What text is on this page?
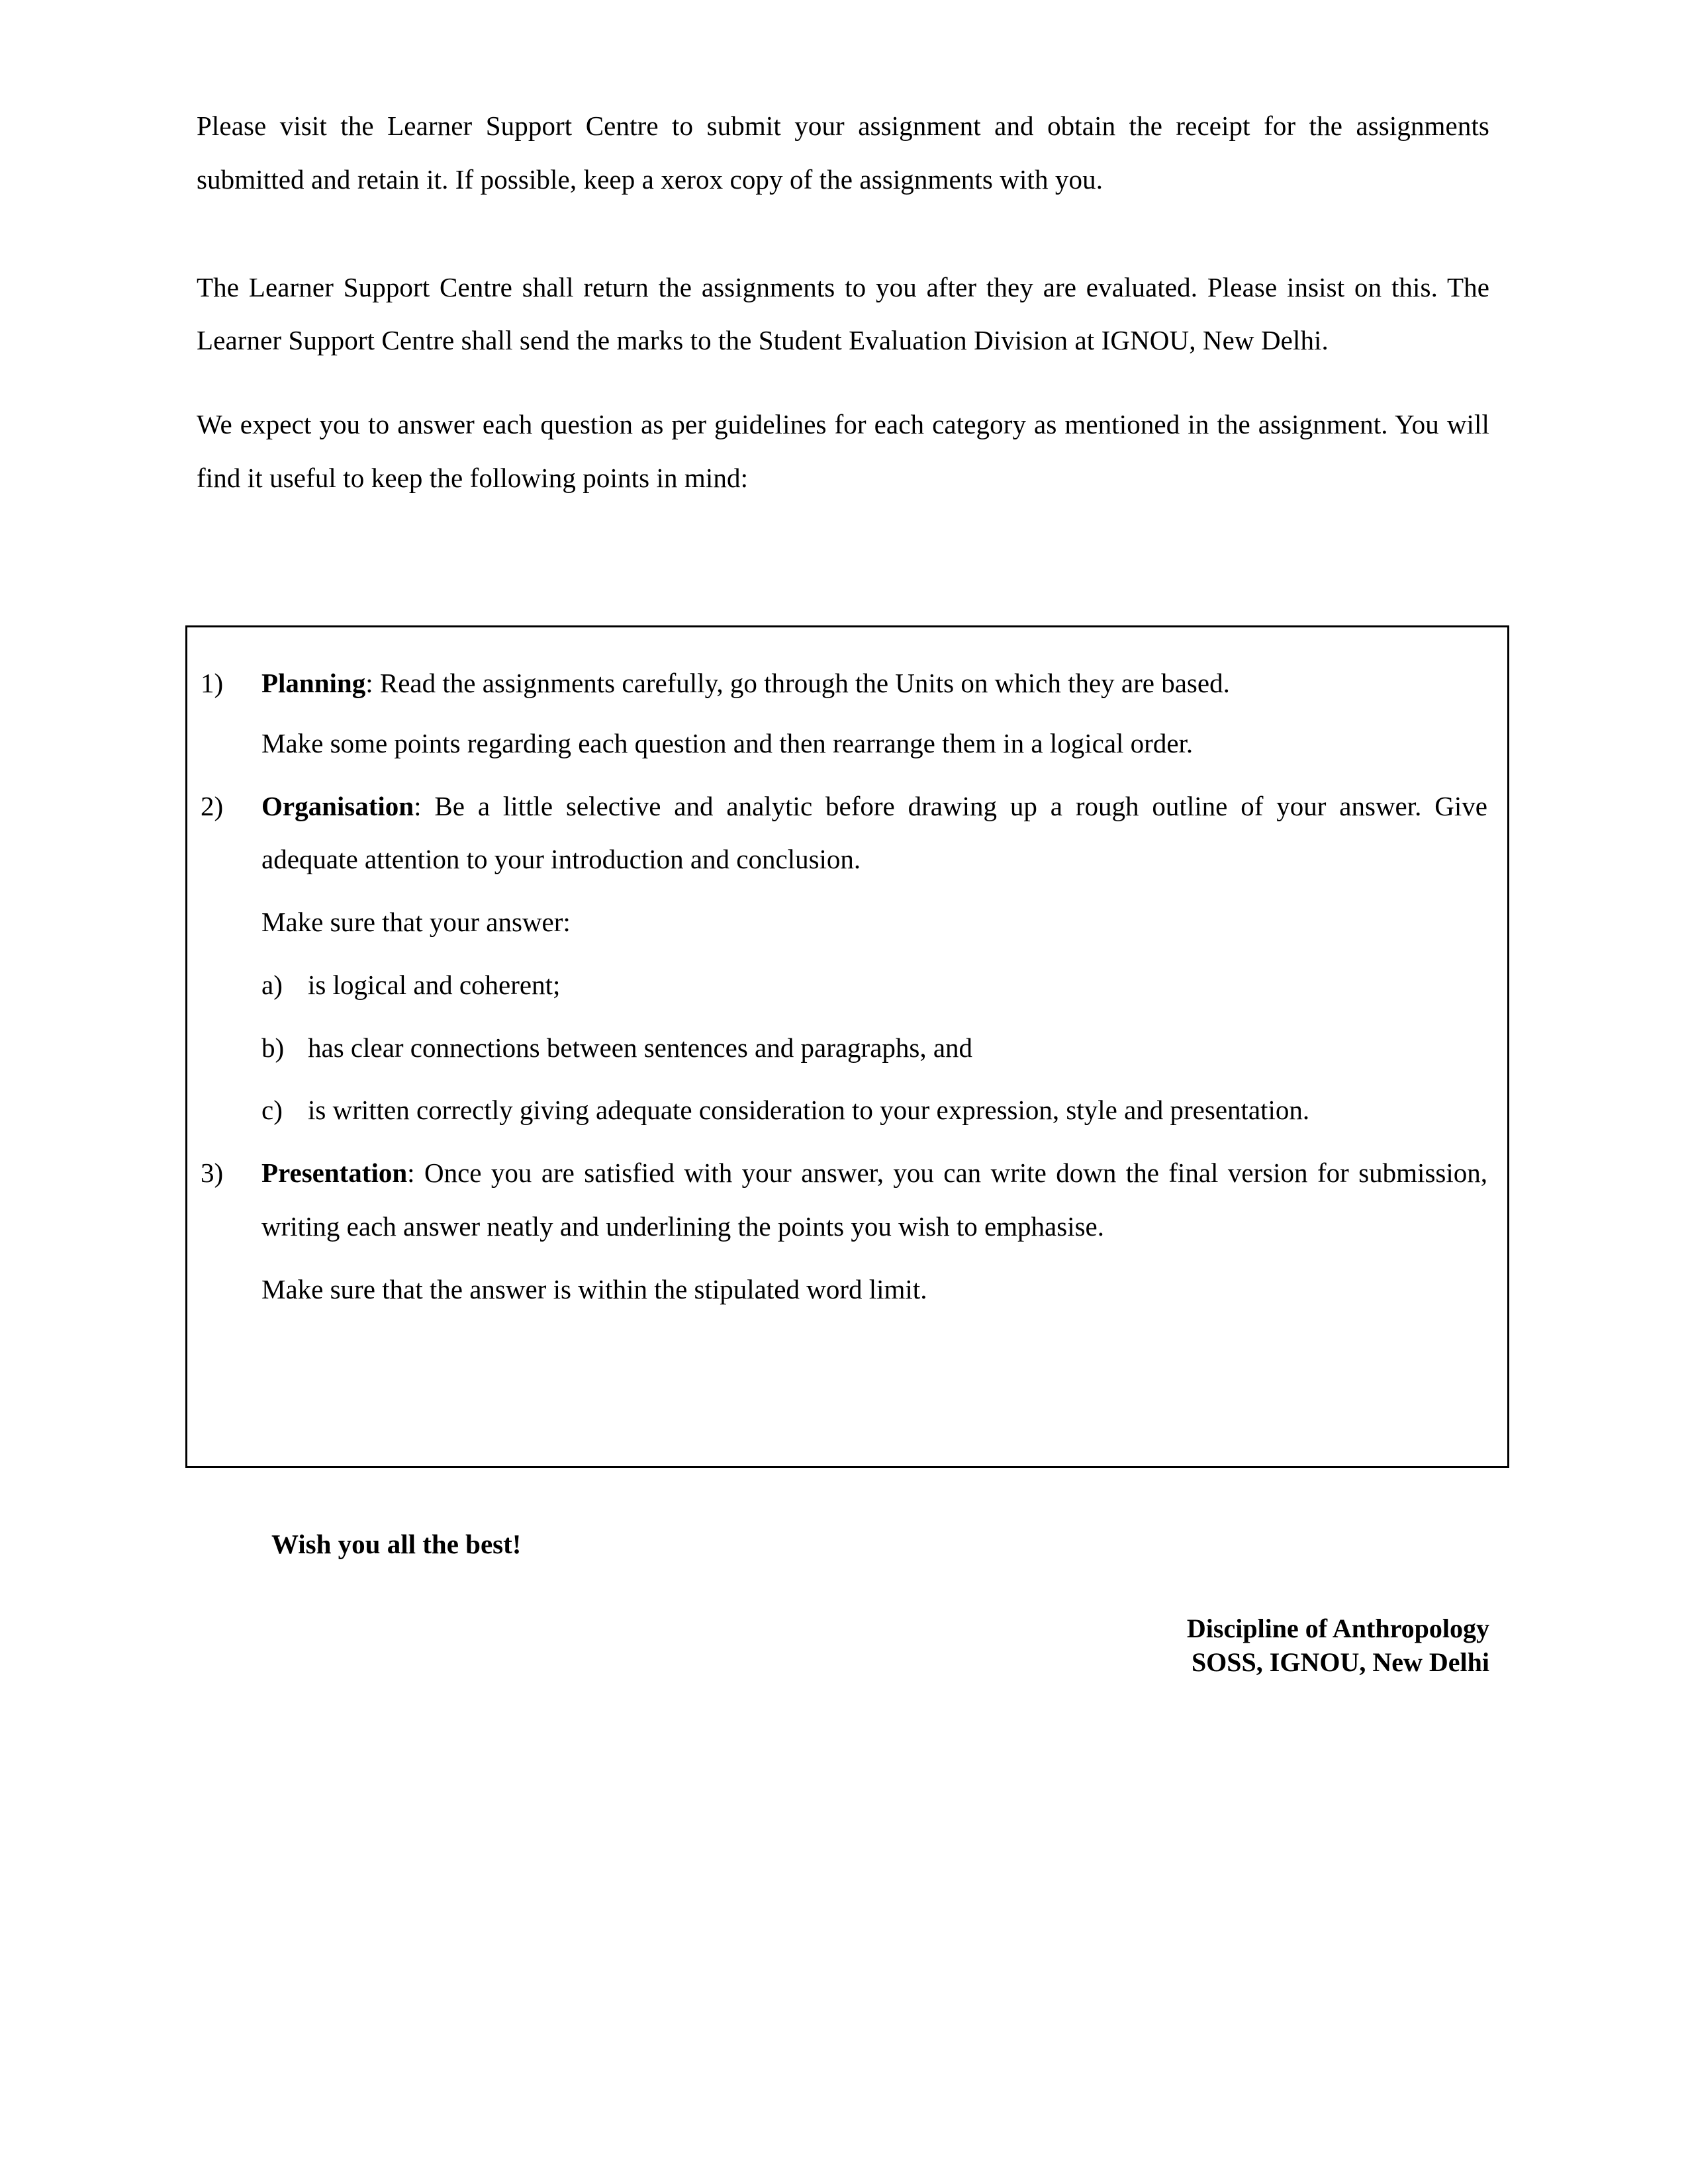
Please visit the Learner Support Centre to submit your assignment and obtain the receipt for the assignments submitted and retain it. If possible, keep a xerox copy of the assignments with you.

The Learner Support Centre shall return the assignments to you after they are evaluated. Please insist on this. The Learner Support Centre shall send the marks to the Student Evaluation Division at IGNOU, New Delhi.

We expect you to answer each question as per guidelines for each category as mentioned in the assignment. You will find it useful to keep the following points in mind:

1)	Planning: Read the assignments carefully, go through the Units on which they are based.
Make some points regarding each question and then rearrange them in a logical order.
2)	Organisation: Be a little selective and analytic before drawing up a rough outline of your answer. Give adequate attention to your introduction and conclusion.
Make sure that your answer:
a) is logical and coherent;
b) has clear connections between sentences and paragraphs, and
c) is written correctly giving adequate consideration to your expression, style and presentation.
3)	Presentation: Once you are satisfied with your answer, you can write down the final version for submission, writing each answer neatly and underlining the points you wish to emphasise.
Make sure that the answer is within the stipulated word limit.
Wish you all the best!
Discipline of Anthropology
SOSS, IGNOU, New Delhi
